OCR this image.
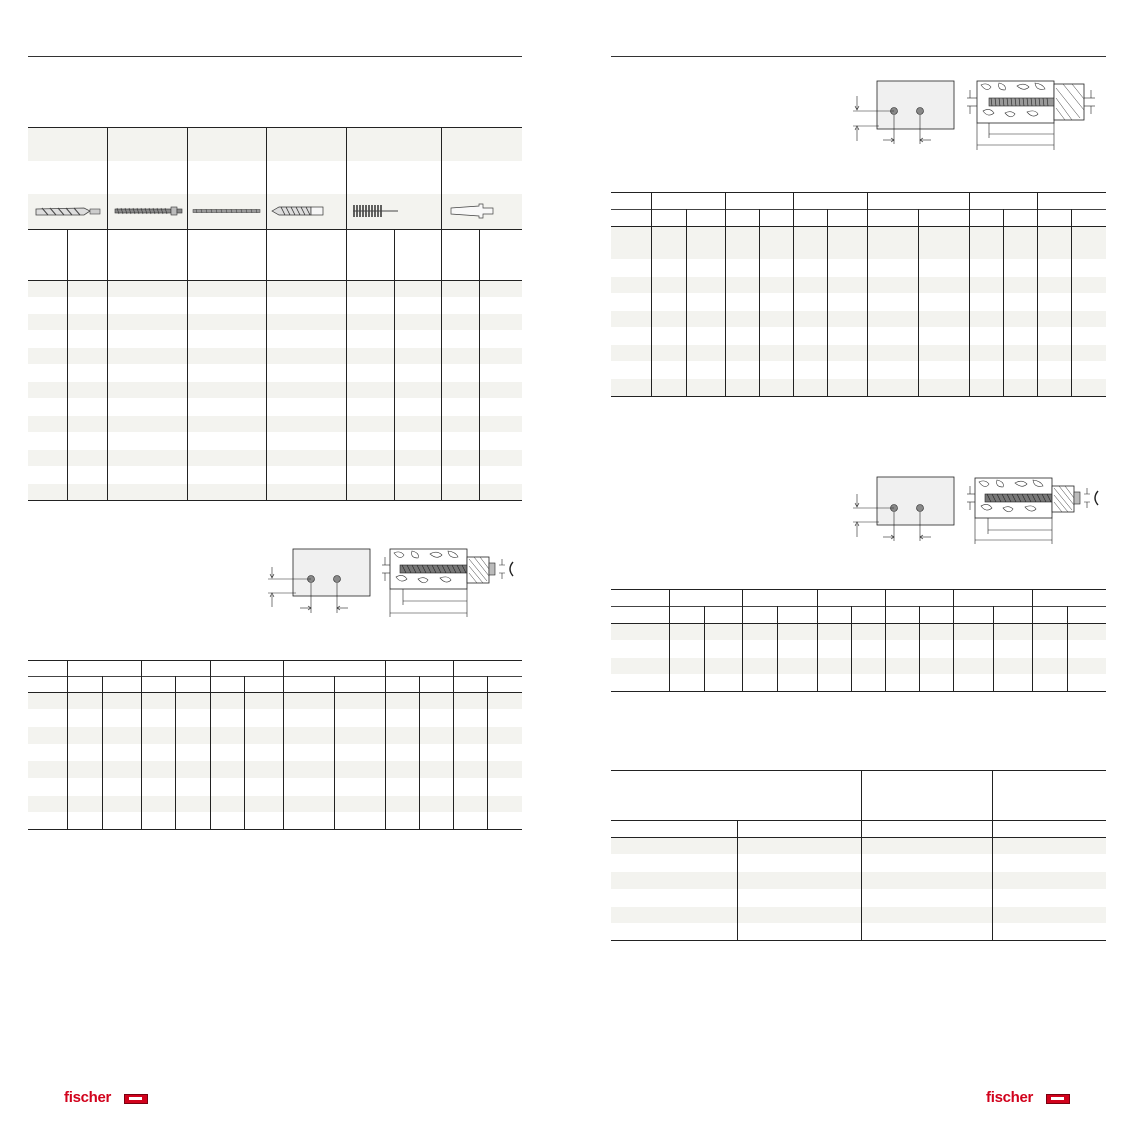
fischer	fischer
